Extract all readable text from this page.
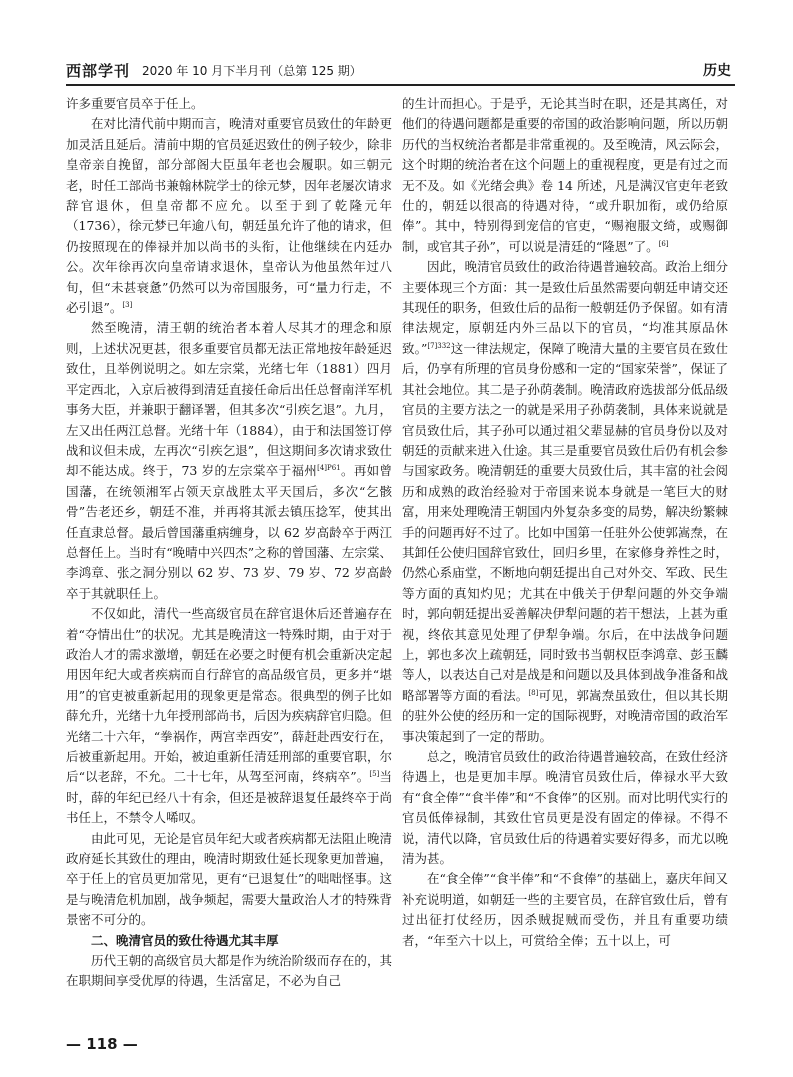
西部学刊 2020 年 10 月下半月刊（总第 125 期）	历史

许多重要官员卒于任上。

在对比清代前中期而言，晚清对重要官员致仕的年龄更加灵活且延后。清前中期的官员延迟致仕的例子较少，除非皇帝亲自挽留，部分部阁大臣虽年老也会履职。如三朝元老，时任工部尚书兼翰林院学士的徐元梦，因年老屡次请求辞官退休，但皇帝都不应允。以至于到了乾隆元年（1736），徐元梦已年逾八旬，朝廷虽允许了他的请求，但仍按照现在的俸禄并加以尚书的头衔，让他继续在内廷办公。次年徐再次向皇帝请求退休，皇帝认为他虽然年过八旬，但“未甚衰惫”仍然可以为帝国服务，可“量力行走，不必引退”。[3]

然至晚清，清王朝的统治者本着人尽其才的理念和原则，上述状况更甚，很多重要官员都无法正常地按年龄延迟致仕，且举例说明之。如左宗棠，光绪七年（1881）四月平定西北，入京后被得到清廷直接任命后出任总督南洋军机事务大臣，并兼职于翻译署，但其多次“引疾乞退”。九月，左又出任两江总督。光绪十年（1884），由于和法国签订停战和议但未成，左再次“引疾乞退”，但这期间多次请求致仕却不能达成。终于，73 岁的左宗棠卒于福州$^{[4]P61}$。再如曾国藩，在统领湘军占领天京战胜太平天国后，多次“乞骸骨”告老还乡，朝廷不准，并再将其派去镇压捻军，使其出任直隶总督。最后曾国藩重病缠身，以 62 岁高龄卒于两江总督任上。当时有“晚晴中兴四杰”之称的曾国藩、左宗棠、李鸿章、张之洞分别以 62 岁、73 岁、79 岁、72 岁高龄卒于其就职任上。

不仅如此，清代一些高级官员在辞官退休后还普遍存在着“夺情出仕”的状况。尤其是晚清这一特殊时期，由于对于政治人才的需求激增，朝廷在必要之时便有机会重新决定起用因年纪大或者疾病而自行辞官的高品级官员，更多并“堪用”的官吏被重新起用的现象更是常态。很典型的例子比如薛允升，光绪十九年授刑部尚书，后因为疾病辞官归隐。但光绪二十六年，“拳祸作，两宫幸西安”，薛赶赴西安行在，后被重新起用。开始，被迫重新任清廷刑部的重要官职，尔后“以老辞，不允。二十七年，从驾至河南，终病卒”。[5]当时，薛的年纪已经八十有余，但还是被辞退复任最终卒于尚书任上，不禁令人唏叹。

由此可见，无论是官员年纪大或者疾病都无法阻止晚清政府延长其致仕的理由，晚清时期致仕延长现象更加普遍，卒于任上的官员更加常见，更有“已退复仕”的咄咄怪事。这是与晚清危机加剧，战争频起，需要大量政治人才的特殊背景密不可分的。

二、晚清官员的致仕待遇尤其丰厚

历代王朝的高级官员大都是作为统治阶级而存在的，其在职期间享受优厚的待遇，生活富足，不必为自己

的生计而担心。于是乎，无论其当时在职，还是其离任，对他们的待遇问题都是重要的帝国的政治影响问题，所以历朝历代的当权统治者都是非常重视的。及至晚清，风云际会，这个时期的统治者在这个问题上的重视程度，更是有过之而无不及。如《光绪会典》卷 14 所述，凡是满汉官吏年老致仕的，朝廷以很高的待遇对待，“或升职加衔，或仍给原俸”。其中，特别得到宠信的官吏，“赐袍服文绮，或赐御制，或官其子孙”，可以说是清廷的“隆恩”了。[6]

因此，晚清官员致仕的政治待遇普遍较高。政治上细分主要体现三个方面：其一是致仕后虽然需要向朝廷申请交还其现任的职务，但致仕后的品衔一般朝廷仍予保留。如有清律法规定，原朝廷内外三品以下的官员，“均准其原品休致。”$^{[7]332}$这一律法规定，保障了晚清大量的主要官员在致仕后，仍享有所理的官员身份感和一定的“国家荣誉”，保证了其社会地位。其二是子孙荫袭制。晚清政府选拔部分低品级官员的主要方法之一的就是采用子孙荫袭制，具体来说就是官员致仕后，其子孙可以通过祖父辈显赫的官员身份以及对朝廷的贡献来进入仕途。其三是重要官员致仕后仍有机会参与国家政务。晚清朝廷的重要大员致仕后，其丰富的社会阅历和成熟的政治经验对于帝国来说本身就是一笔巨大的财富，用来处理晚清王朝国内外复杂多变的局势，解决纷繁棘手的问题再好不过了。比如中国第一任驻外公使郭嵩焘，在其卸任公使归国辞官致仕，回归乡里，在家修身养性之时，仍然心系庙堂，不断地向朝廷提出自己对外交、军政、民生等方面的真知灼见；尤其在中俄关于伊犁问题的外交争端时，郭向朝廷提出妥善解决伊犁问题的若干想法，上甚为重视，终依其意见处理了伊犁争端。尔后，在中法战争问题上，郭也多次上疏朝廷，同时致书当朝权臣李鸿章、彭玉麟等人，以表达自己对是战是和问题以及具体到战争准备和战略部署等方面的看法。[8]可见，郭嵩焘虽致仕，但以其长期的驻外公使的经历和一定的国际视野，对晚清帝国的政治军事决策起到了一定的帮助。

总之，晚清官员致仕的政治待遇普遍较高，在致仕经济待遇上，也是更加丰厚。晚清官员致仕后，俸禄水平大致有“食全俸”“食半俸”和“不食俸”的区别。而对比明代实行的官员低俸禄制，其致仕官员更是没有固定的俸禄。不得不说，清代以降，官员致仕后的待遇着实要好得多，而尤以晚清为甚。

在“食全俸”“食半俸”和“不食俸”的基础上，嘉庆年间又补充说明道，如朝廷一些的主要官员，在辞官致仕后，曾有过出征打仗经历，因杀贼捉贼而受伤，并且有重要功绩者，“年至六十以上，可赏给全俸；五十以上，可

— 118 —
